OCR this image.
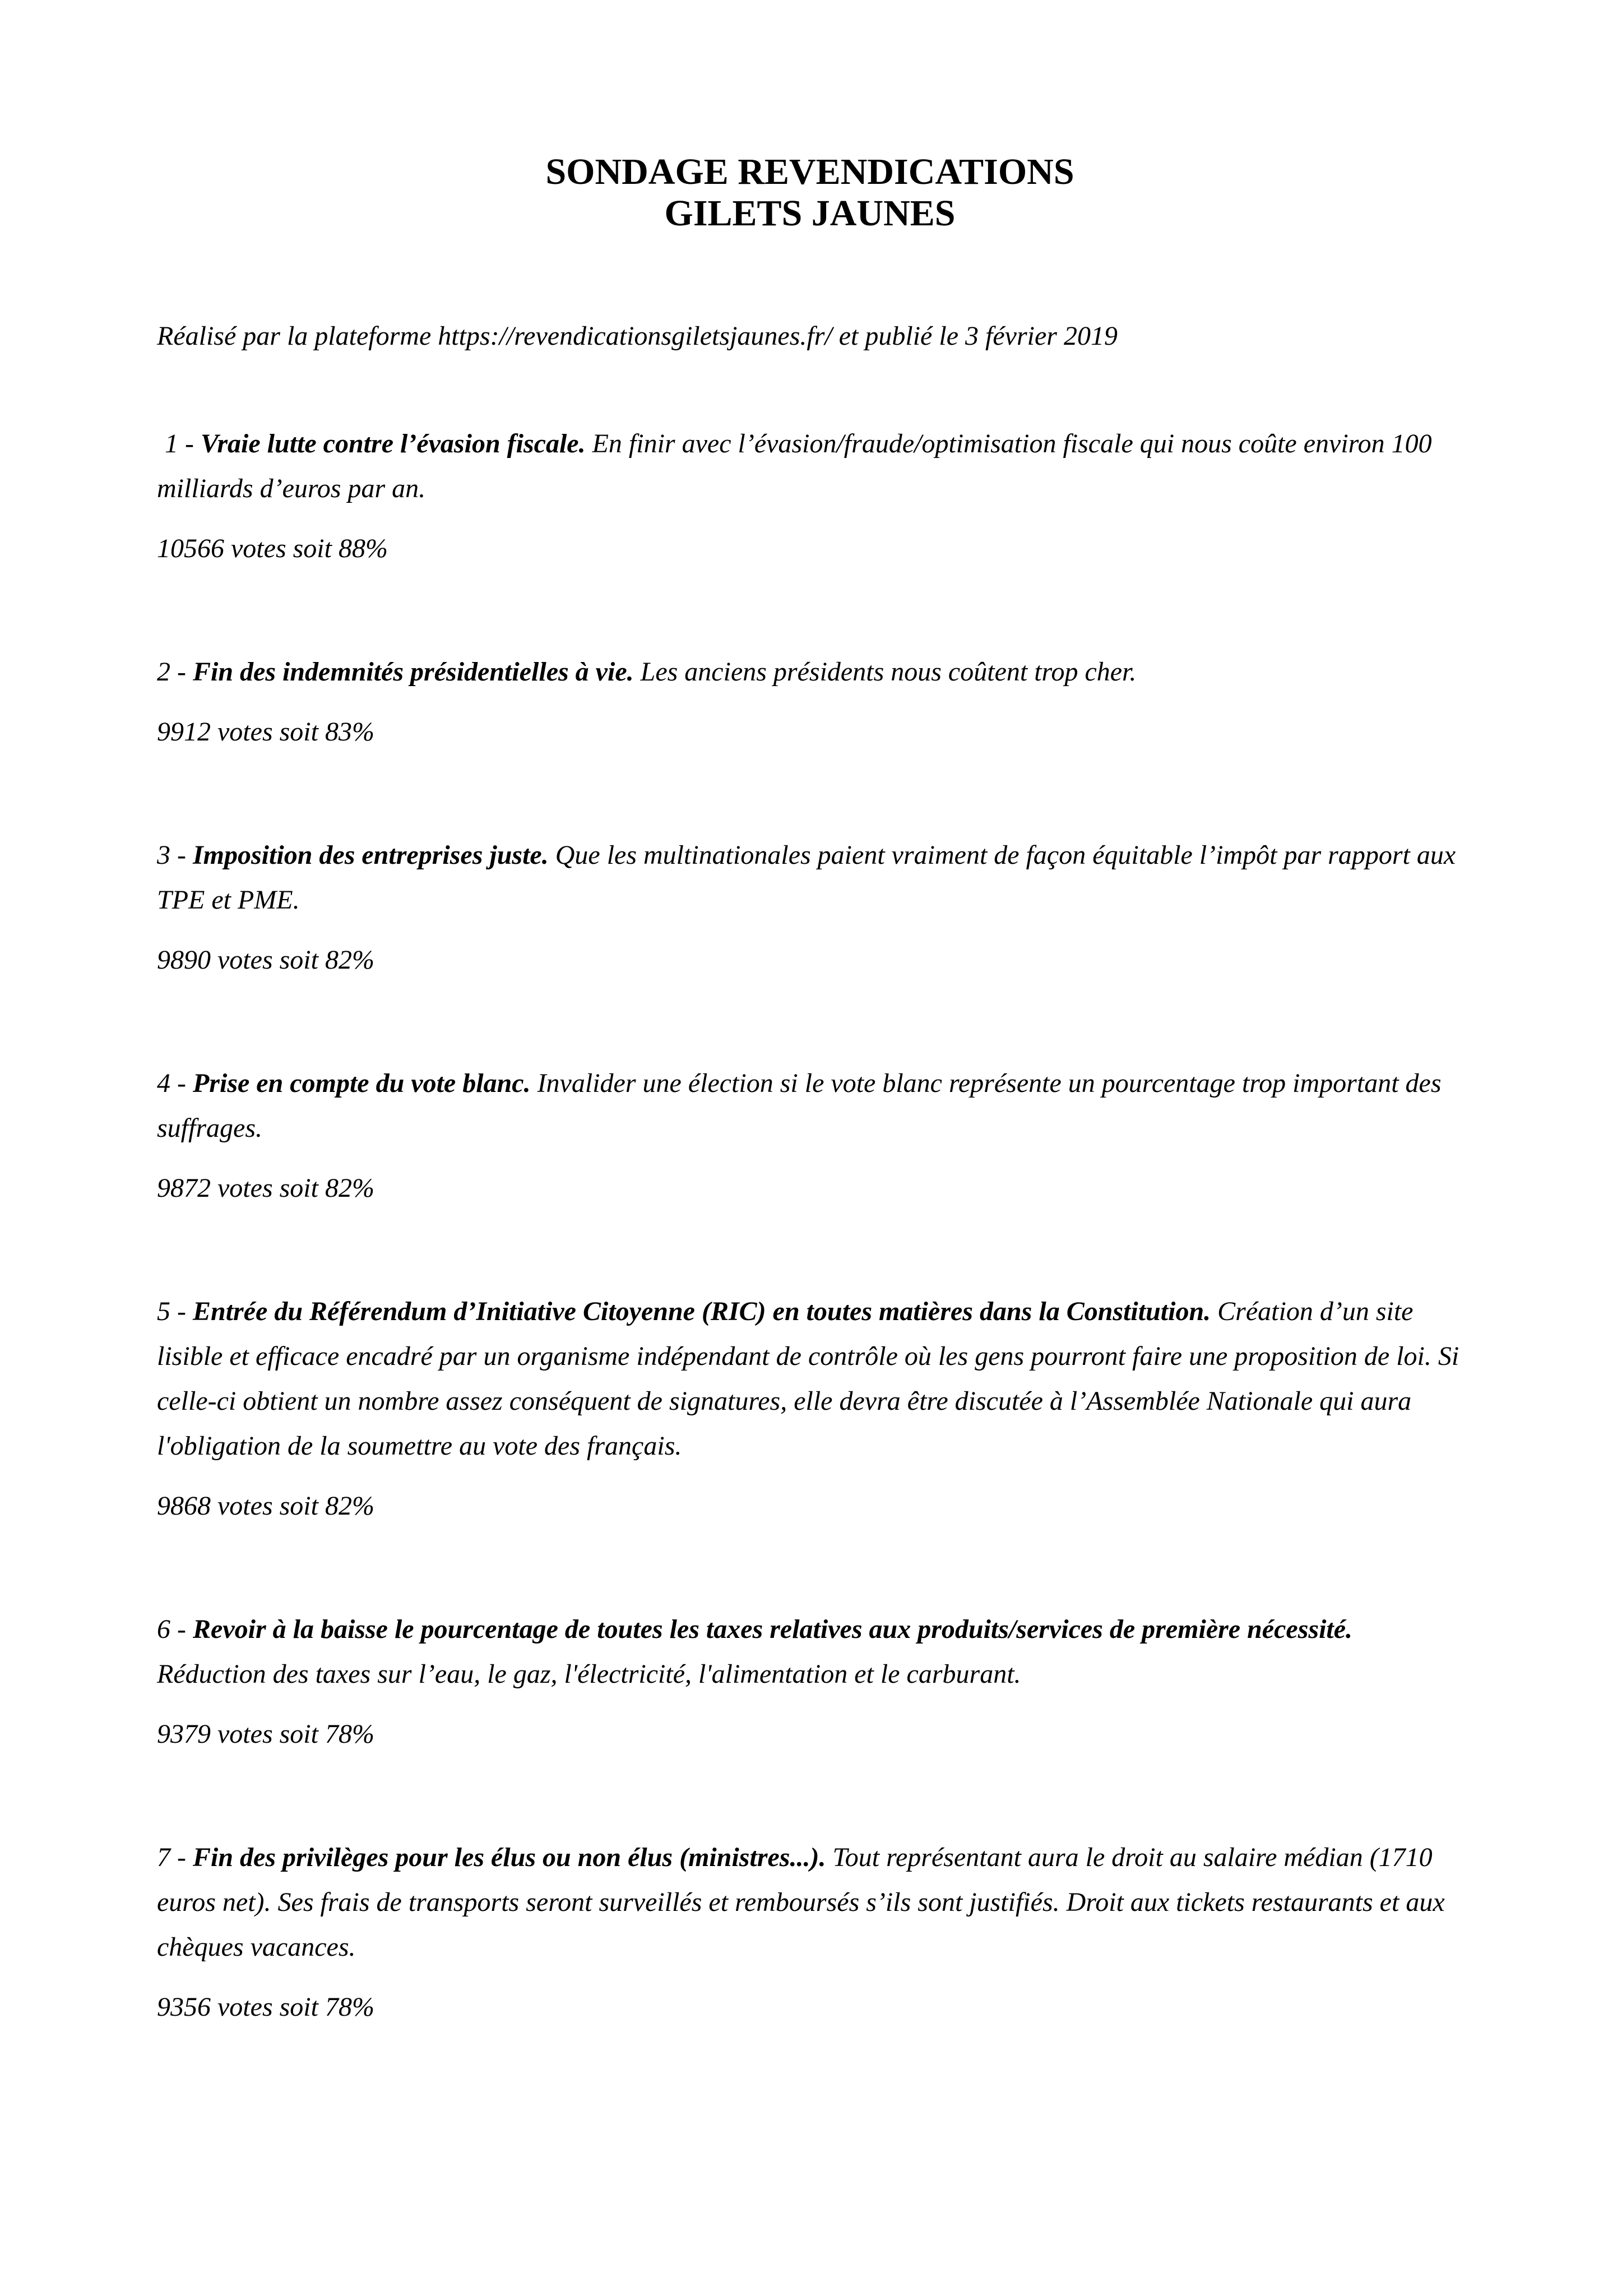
SONDAGE REVENDICATIONS
GILETS JAUNES

Réalisé par la plateforme https://revendicationsgiletsjaunes.fr/ et publié le 3 février 2019

1 - Vraie lutte contre l’évasion fiscale. En finir avec l’évasion/fraude/optimisation fiscale qui nous coûte environ 100 milliards d’euros par an.

10566 votes soit 88%

2 - Fin des indemnités présidentielles à vie. Les anciens présidents nous coûtent trop cher.

9912 votes soit 83%

3 - Imposition des entreprises juste. Que les multinationales paient vraiment de façon équitable l’impôt par rapport aux TPE et PME.

9890 votes soit 82%

4 - Prise en compte du vote blanc. Invalider une élection si le vote blanc représente un pourcentage trop important des suffrages.

9872 votes soit 82%

5 - Entrée du Référendum d’Initiative Citoyenne (RIC) en toutes matières dans la Constitution. Création d’un site lisible et efficace encadré par un organisme indépendant de contrôle où les gens pourront faire une proposition de loi. Si celle-ci obtient un nombre assez conséquent de signatures, elle devra être discutée à l’Assemblée Nationale qui aura l'obligation de la soumettre au vote des français.

9868 votes soit 82%

6 - Revoir à la baisse le pourcentage de toutes les taxes relatives aux produits/services de première nécessité. Réduction des taxes sur l’eau, le gaz, l'électricité, l'alimentation et le carburant.

9379 votes soit 78%

7 - Fin des privilèges pour les élus ou non élus (ministres...). Tout représentant aura le droit au salaire médian (1710 euros net). Ses frais de transports seront surveillés et remboursés s’ils sont justifiés. Droit aux tickets restaurants et aux chèques vacances.

9356 votes soit 78%
